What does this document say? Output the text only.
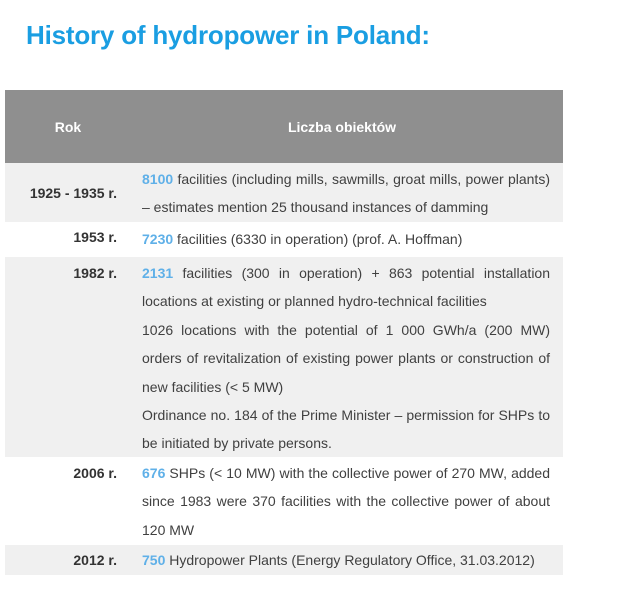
History of hydropower in Poland:
Rok	Liczba obiektów
1925 - 1935 r.

8100 facilities (including mills, sawmills, groat mills, power plants) – estimates mention 25 thousand instances of damming

1953 r. 7230 facilities (6330 in operation) (prof. A. Hoffman)

1982 r. 2131 facilities (300 in operation) + 863 potential installation locations at existing or planned hydro-technical facilities

1026 locations with the potential of 1 000 GWh/a (200 MW) orders of revitalization of existing power plants or construction of new facilities (< 5 MW)

Ordinance no. 184 of the Prime Minister – permission for SHPs to be initiated by private persons.

2006 r. 676 SHPs (< 10 MW) with the collective power of 270 MW, added since 1983 were 370 facilities with the collective power of about 120 MW

2012 r. 750 Hydropower Plants (Energy Regulatory Office, 31.03.2012)
